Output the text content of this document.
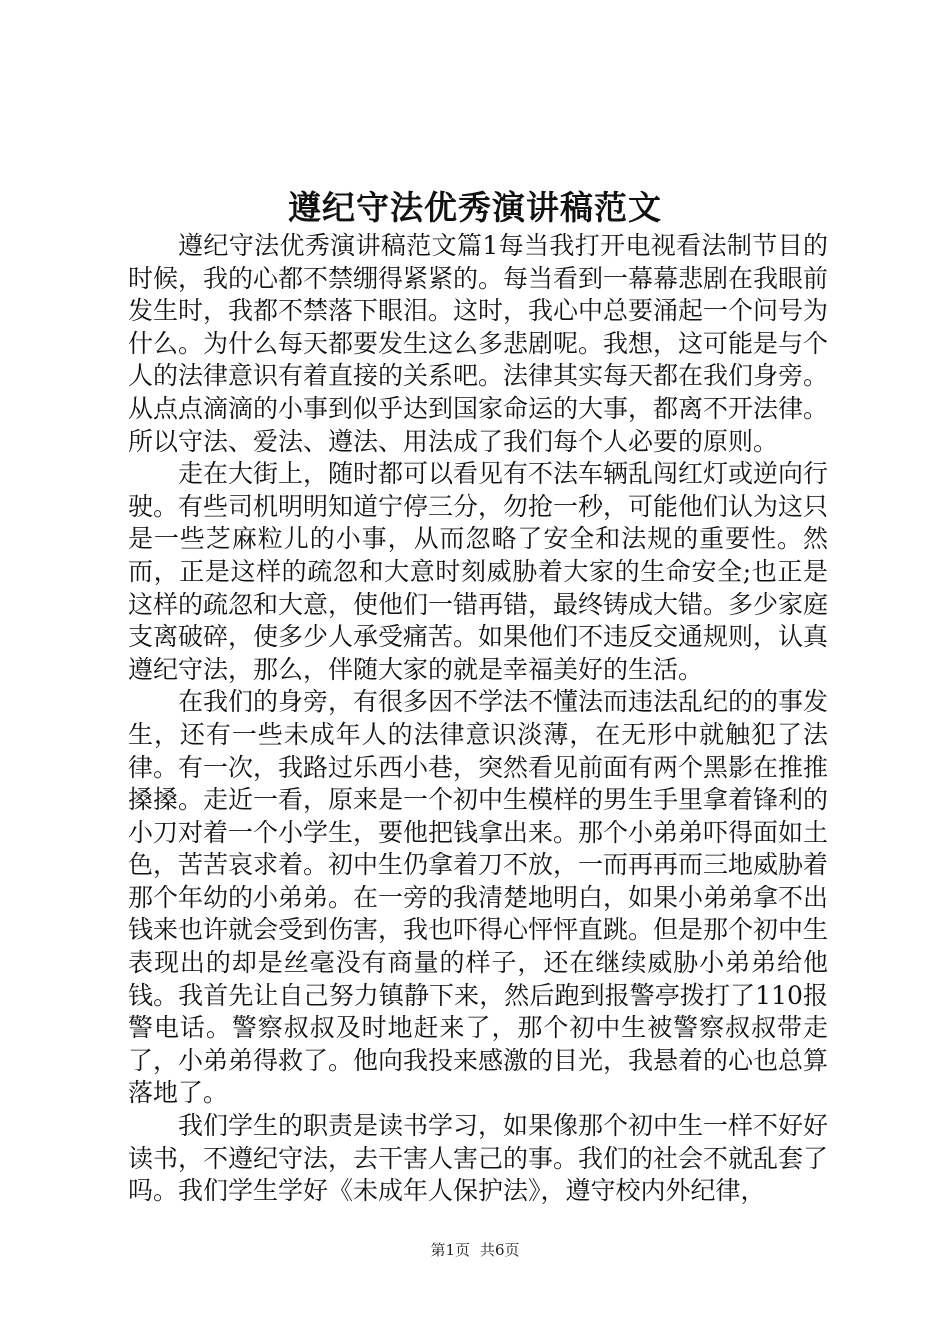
遵纪守法优秀演讲稿范文

遵纪守法优秀演讲稿范文篇1每当我打开电视看法制节目的时候，我的心都不禁绷得紧紧的。每当看到一幕幕悲剧在我眼前发生时，我都不禁落下眼泪。这时，我心中总要涌起一个问号为什么。为什么每天都要发生这么多悲剧呢。我想，这可能是与个人的法律意识有着直接的关系吧。法律其实每天都在我们身旁。从点点滴滴的小事到似乎达到国家命运的大事，都离不开法律。所以守法、爱法、遵法、用法成了我们每个人必要的原则。

走在大街上，随时都可以看见有不法车辆乱闯红灯或逆向行驶。有些司机明明知道宁停三分，勿抢一秒，可能他们认为这只是一些芝麻粒儿的小事，从而忽略了安全和法规的重要性。然而，正是这样的疏忽和大意时刻威胁着大家的生命安全;也正是这样的疏忽和大意，使他们一错再错，最终铸成大错。多少家庭支离破碎，使多少人承受痛苦。如果他们不违反交通规则，认真遵纪守法，那么，伴随大家的就是幸福美好的生活。

在我们的身旁，有很多因不学法不懂法而违法乱纪的的事发生，还有一些未成年人的法律意识淡薄，在无形中就触犯了法律。有一次，我路过乐西小巷，突然看见前面有两个黑影在推推搡搡。走近一看，原来是一个初中生模样的男生手里拿着锋利的小刀对着一个小学生，要他把钱拿出来。那个小弟弟吓得面如土色，苦苦哀求着。初中生仍拿着刀不放，一而再再而三地威胁着那个年幼的小弟弟。在一旁的我清楚地明白，如果小弟弟拿不出钱来也许就会受到伤害，我也吓得心怦怦直跳。但是那个初中生表现出的却是丝毫没有商量的样子，还在继续威胁小弟弟给他钱。我首先让自己努力镇静下来，然后跑到报警亭拨打了110报警电话。警察叔叔及时地赶来了，那个初中生被警察叔叔带走了，小弟弟得救了。他向我投来感激的目光，我悬着的心也总算落地了。

我们学生的职责是读书学习，如果像那个初中生一样不好好读书，不遵纪守法，去干害人害己的事。我们的社会不就乱套了吗。我们学生学好《未成年人保护法》，遵守校内外纪律，

第1页 共6页
